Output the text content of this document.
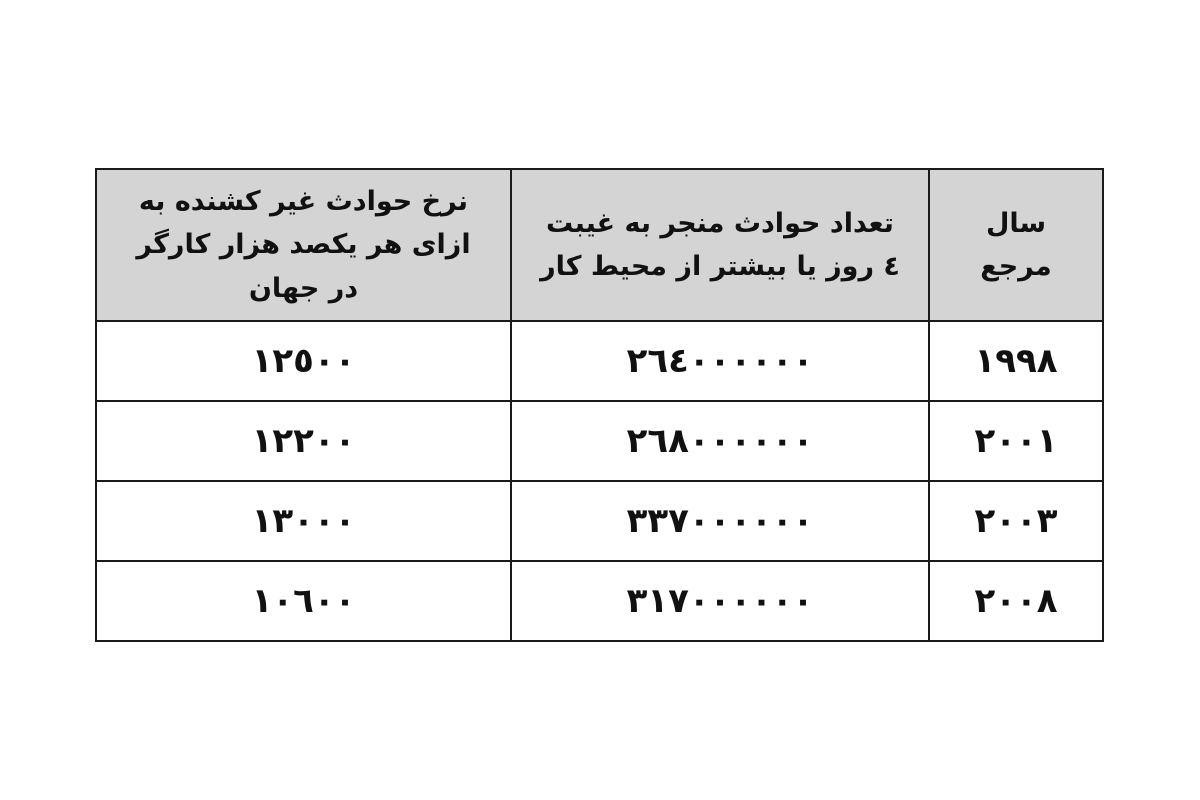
سال مرجع	تعداد حوادث منجر به غیبت ٤ روز یا بیشتر از محیط کار	نرخ حوادث غیر کشنده به ازای هر یکصد هزار کارگر در جهان
١٩٩٨	٢٦٤٠٠٠٠٠٠	١٢٥٠٠
٢٠٠١	٢٦٨٠٠٠٠٠٠	١٢٢٠٠
٢٠٠٣	٣٣٧٠٠٠٠٠٠	١٣٠٠٠
٢٠٠٨	٣١٧٠٠٠٠٠٠	١٠٦٠٠
